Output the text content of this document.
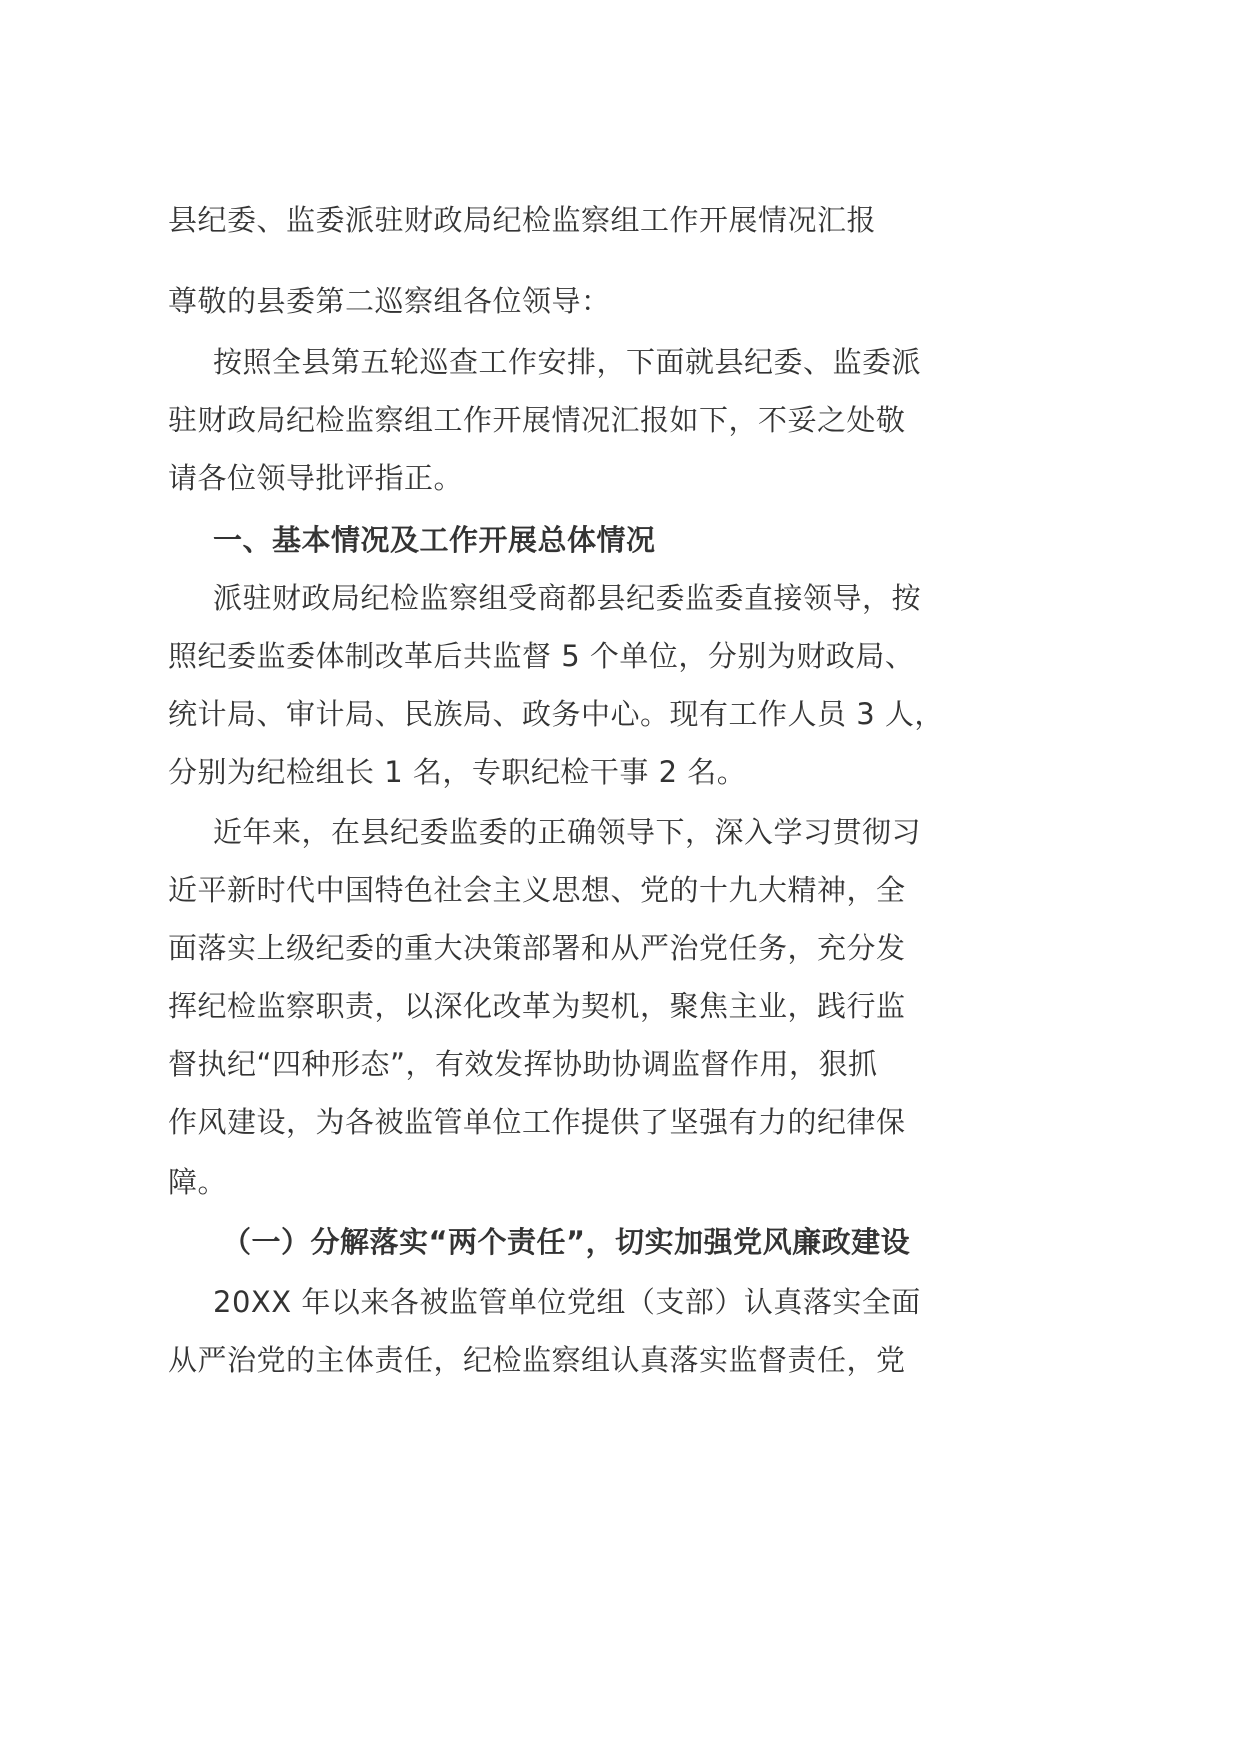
县纪委、监委派驻财政局纪检监察组工作开展情况汇报
尊敬的县委第二巡察组各位领导：
按照全县第五轮巡查工作安排，下面就县纪委、监委派
驻财政局纪检监察组工作开展情况汇报如下，不妥之处敬
请各位领导批评指正。
一、基本情况及工作开展总体情况
派驻财政局纪检监察组受商都县纪委监委直接领导，按
照纪委监委体制改革后共监督 5 个单位，分别为财政局、
统计局、审计局、民族局、政务中心。现有工作人员 3 人，
分别为纪检组长 1 名，专职纪检干事 2 名。
近年来，在县纪委监委的正确领导下，深入学习贯彻习
近平新时代中国特色社会主义思想、党的十九大精神，全
面落实上级纪委的重大决策部署和从严治党任务，充分发
挥纪检监察职责，以深化改革为契机，聚焦主业，践行监
督执纪“四种形态”，有效发挥协助协调监督作用，狠抓
作风建设，为各被监管单位工作提供了坚强有力的纪律保
障。
（一）分解落实“两个责任”，切实加强党风廉政建设
20XX 年以来各被监管单位党组（支部）认真落实全面
从严治党的主体责任，纪检监察组认真落实监督责任，党
